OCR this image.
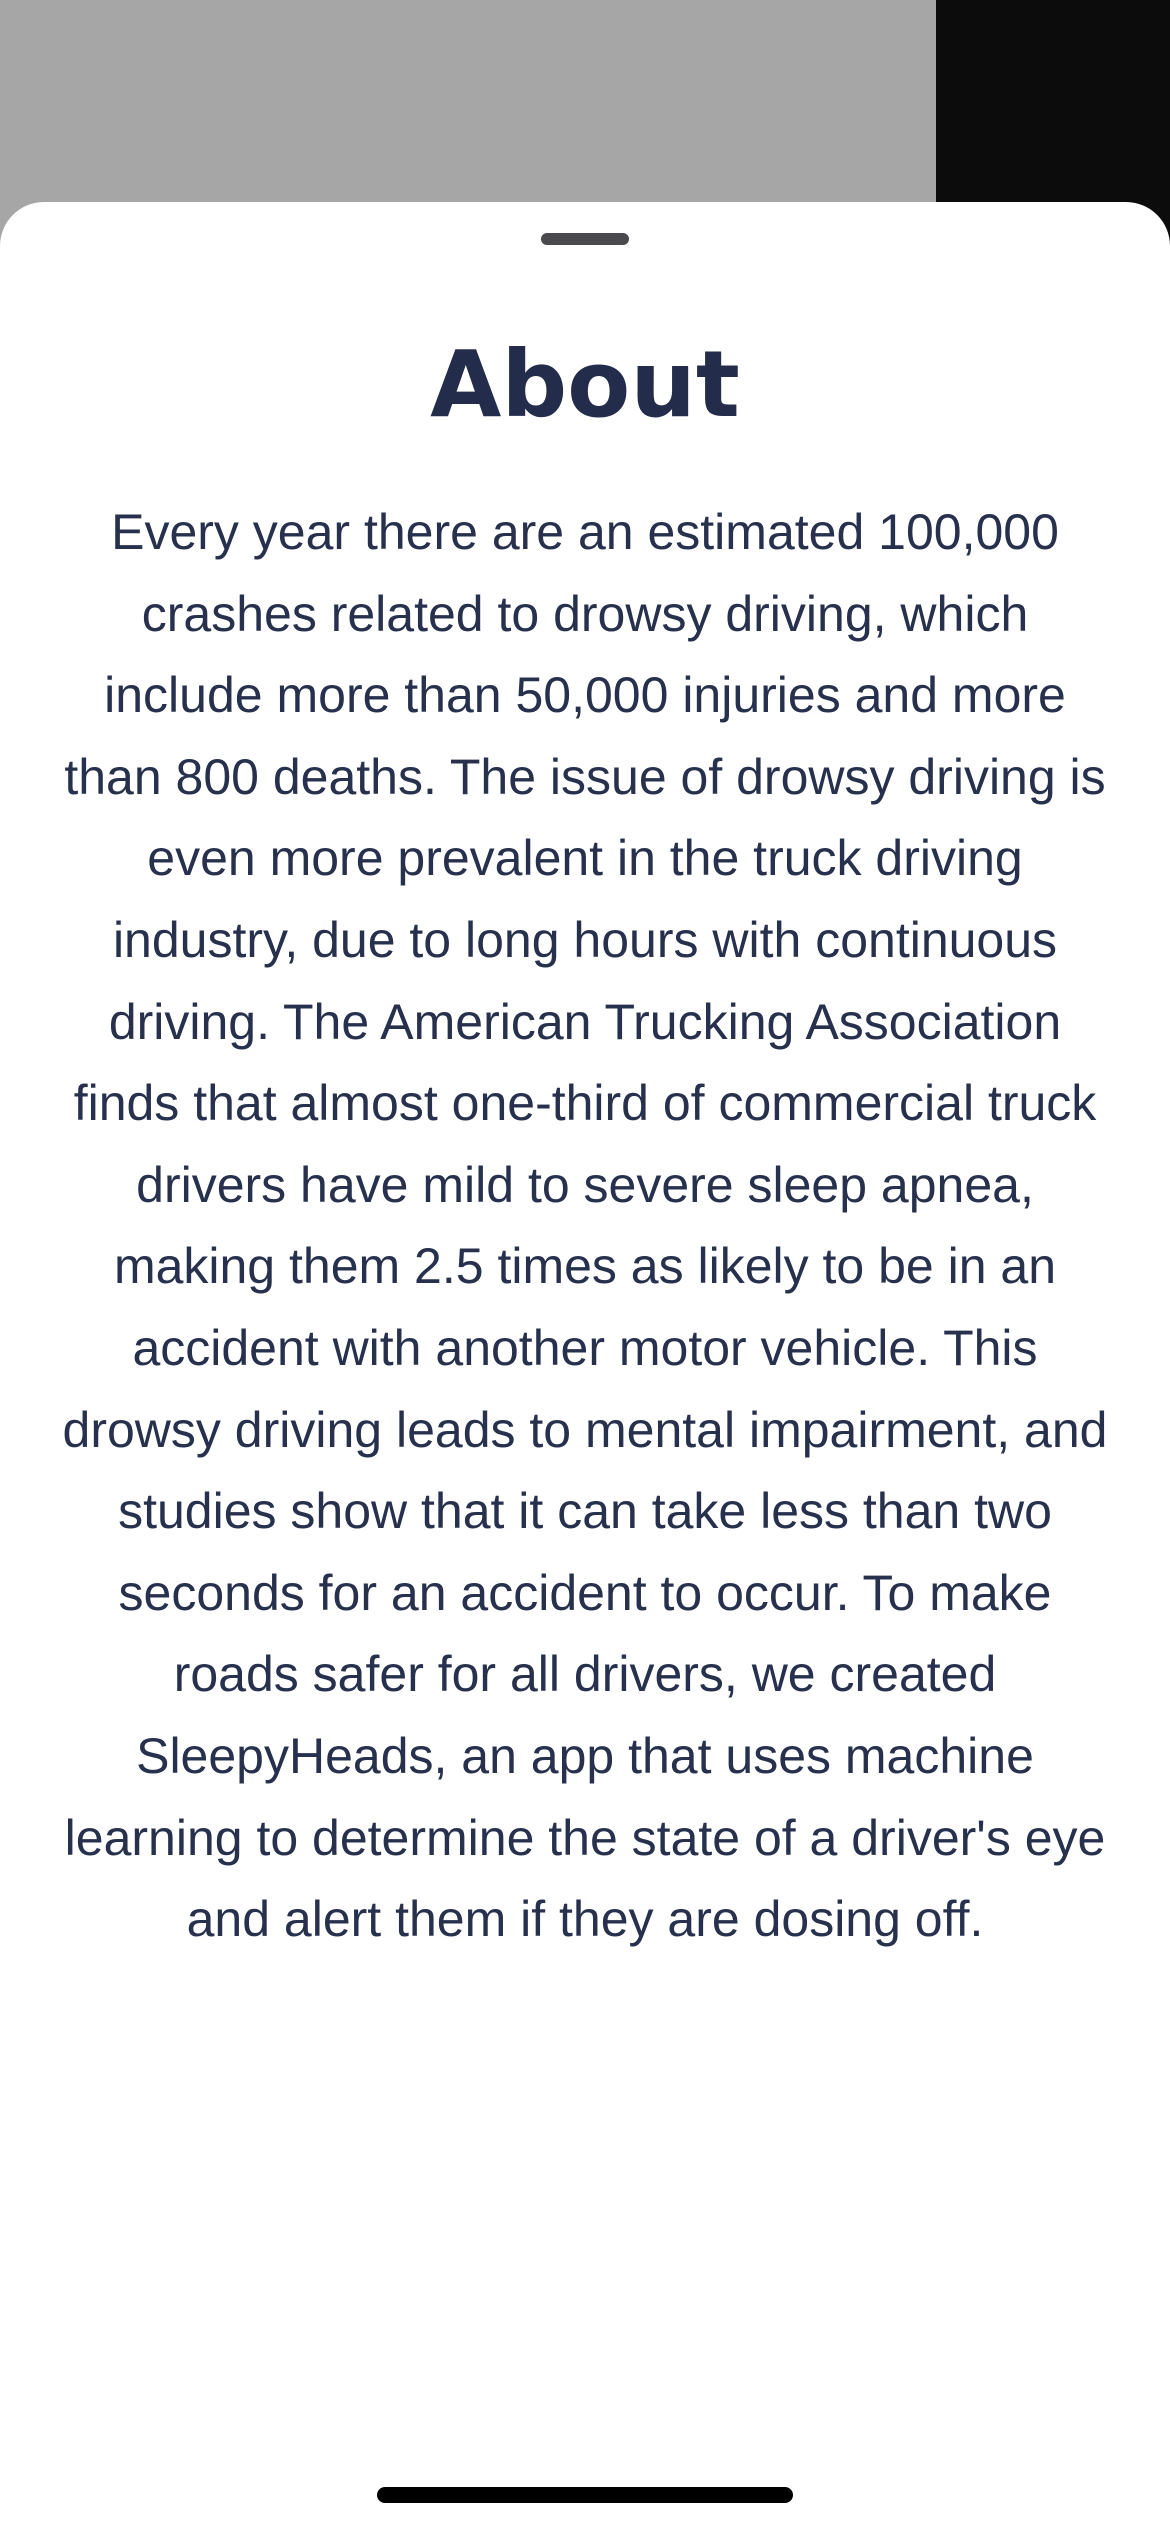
About

Every year there are an estimated 100,000 crashes related to drowsy driving, which include more than 50,000 injuries and more than 800 deaths. The issue of drowsy driving is even more prevalent in the truck driving industry, due to long hours with continuous driving. The American Trucking Association finds that almost one-third of commercial truck drivers have mild to severe sleep apnea, making them 2.5 times as likely to be in an accident with another motor vehicle. This drowsy driving leads to mental impairment, and studies show that it can take less than two seconds for an accident to occur. To make roads safer for all drivers, we created SleepyHeads, an app that uses machine learning to determine the state of a driver's eye and alert them if they are dosing off.
